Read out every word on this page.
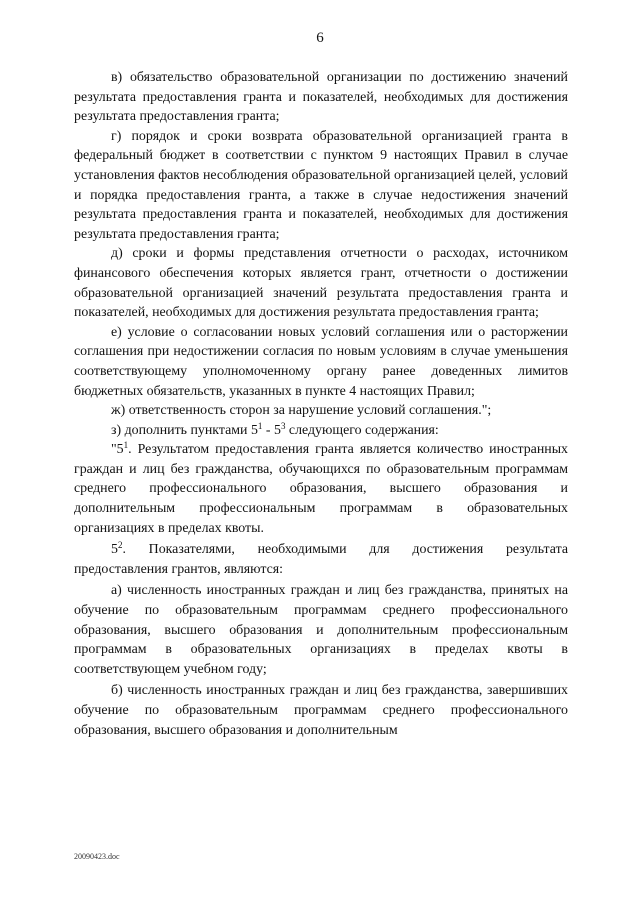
6

в) обязательство образовательной организации по достижению значений результата предоставления гранта и показателей, необходимых для достижения результата предоставления гранта;

г) порядок и сроки возврата образовательной организацией гранта в федеральный бюджет в соответствии с пунктом 9 настоящих Правил в случае установления фактов несоблюдения образовательной организацией целей, условий и порядка предоставления гранта, а также в случае недостижения значений результата предоставления гранта и показателей, необходимых для достижения результата предоставления гранта;

д) сроки и формы представления отчетности о расходах, источником финансового обеспечения которых является грант, отчетности о достижении образовательной организацией значений результата предоставления гранта и показателей, необходимых для достижения результата предоставления гранта;

е) условие о согласовании новых условий соглашения или о расторжении соглашения при недостижении согласия по новым условиям в случае уменьшения соответствующему уполномоченному органу ранее доведенных лимитов бюджетных обязательств, указанных в пункте 4 настоящих Правил;

ж) ответственность сторон за нарушение условий соглашения.";

з) дополнить пунктами $5^1 - 5^3$ следующего содержания:

"$5^1$. Результатом предоставления гранта является количество иностранных граждан и лиц без гражданства, обучающихся по образовательным программам среднего профессионального образования, высшего образования и дополнительным профессиональным программам в образовательных организациях в пределах квоты.

$5^2$. Показателями, необходимыми для достижения результата предоставления грантов, являются:

а) численность иностранных граждан и лиц без гражданства, принятых на обучение по образовательным программам среднего профессионального образования, высшего образования и дополнительным профессиональным программам в образовательных организациях в пределах квоты в соответствующем учебном году;

б) численность иностранных граждан и лиц без гражданства, завершивших обучение по образовательным программам среднего профессионального образования, высшего образования и дополнительным

20090423.doc
